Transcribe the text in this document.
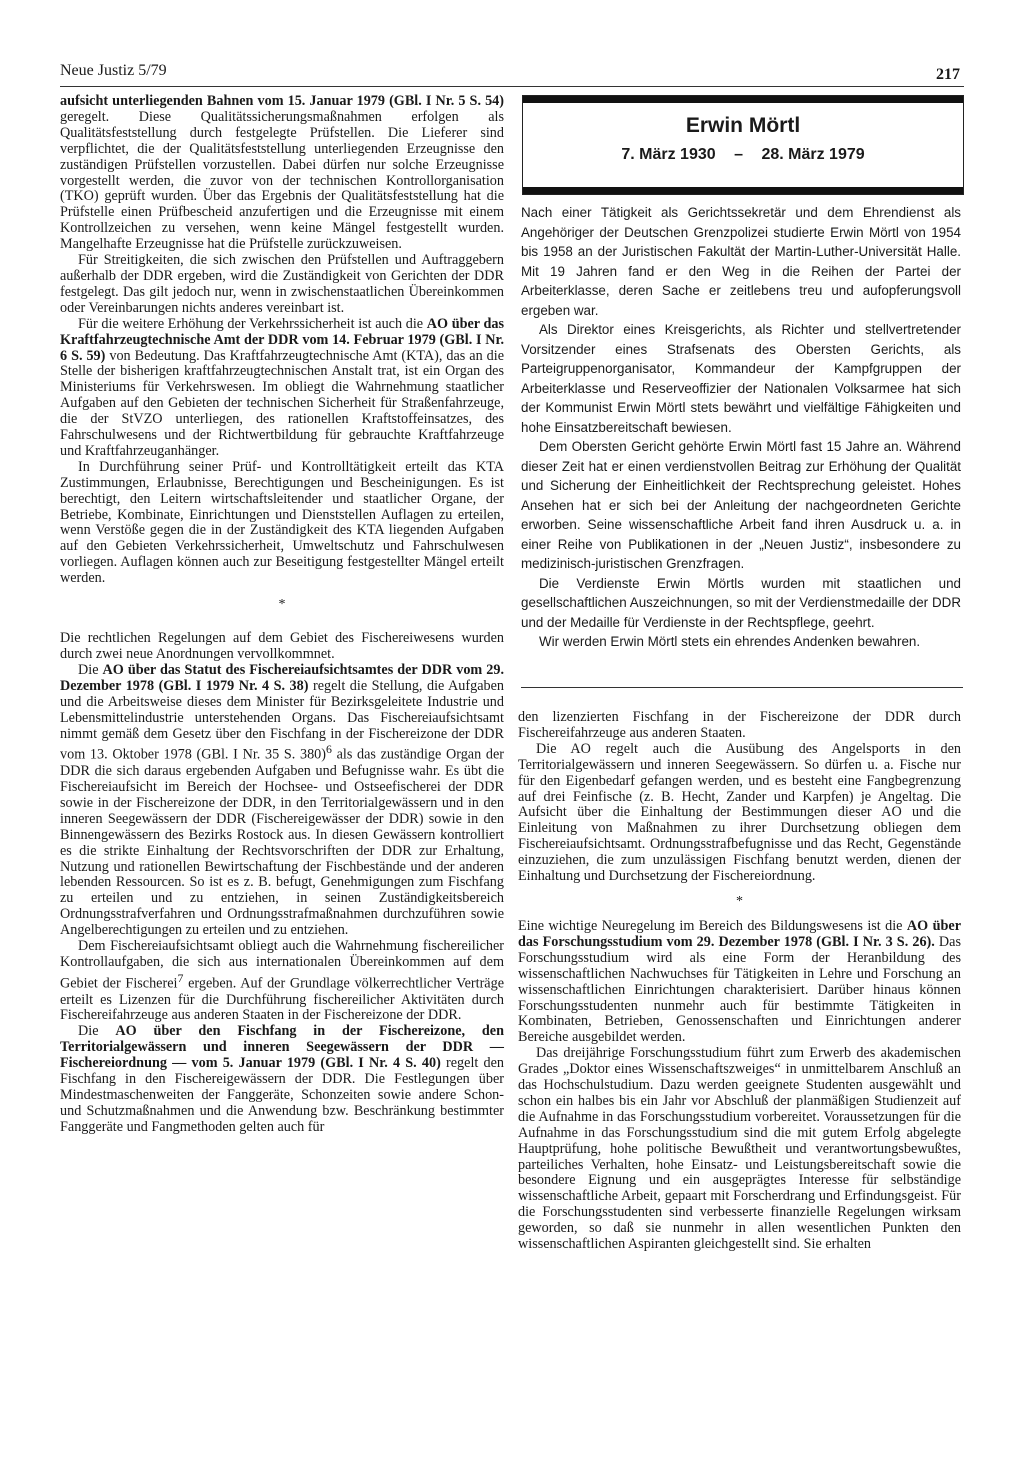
Neue Justiz 5/79	217

aufsicht unterliegenden Bahnen vom 15. Januar 1979 (GBl. I Nr. 5 S. 54) geregelt. Diese Qualitätssicherungsmaßnahmen erfolgen als Qualitätsfeststellung durch festgelegte Prüfstellen. Die Lieferer sind verpflichtet, die der Qualitätsfeststellung unterliegenden Erzeugnisse den zuständigen Prüfstellen vorzustellen. Dabei dürfen nur solche Erzeugnisse vorgestellt werden, die zuvor von der technischen Kontrollorganisation (TKO) geprüft wurden. Über das Ergebnis der Qualitätsfeststellung hat die Prüfstelle einen Prüfbescheid anzufertigen und die Erzeugnisse mit einem Kontrollzeichen zu versehen, wenn keine Mängel festgestellt wurden. Mangelhafte Erzeugnisse hat die Prüfstelle zurückzuweisen.

Für Streitigkeiten, die sich zwischen den Prüfstellen und Auftraggebern außerhalb der DDR ergeben, wird die Zuständigkeit von Gerichten der DDR festgelegt. Das gilt jedoch nur, wenn in zwischenstaatlichen Übereinkommen oder Vereinbarungen nichts anderes vereinbart ist.

Für die weitere Erhöhung der Verkehrssicherheit ist auch die AO über das Kraftfahrzeugtechnische Amt der DDR vom 14. Februar 1979 (GBl. I Nr. 6 S. 59) von Bedeutung. Das Kraftfahrzeugtechnische Amt (KTA), das an die Stelle der bisherigen kraftfahrzeugtechnischen Anstalt trat, ist ein Organ des Ministeriums für Verkehrswesen. Im obliegt die Wahrnehmung staatlicher Aufgaben auf den Gebieten der technischen Sicherheit für Straßenfahrzeuge, die der StVZO unterliegen, des rationellen Kraftstoffeinsatzes, des Fahrschulwesens und der Richtwertbildung für gebrauchte Kraftfahrzeuge und Kraftfahrzeuganhänger.

In Durchführung seiner Prüf- und Kontrolltätigkeit erteilt das KTA Zustimmungen, Erlaubnisse, Berechtigungen und Bescheinigungen. Es ist berechtigt, den Leitern wirtschaftsleitender und staatlicher Organe, der Betriebe, Kombinate, Einrichtungen und Dienststellen Auflagen zu erteilen, wenn Verstöße gegen die in der Zuständigkeit des KTA liegenden Aufgaben auf den Gebieten Verkehrssicherheit, Umweltschutz und Fahrschulwesen vorliegen. Auflagen können auch zur Beseitigung festgestellter Mängel erteilt werden.

*

Die rechtlichen Regelungen auf dem Gebiet des Fischereiwesens wurden durch zwei neue Anordnungen vervollkommnet.

Die AO über das Statut des Fischereiaufsichtsamtes der DDR vom 29. Dezember 1978 (GBl. I 1979 Nr. 4 S. 38) regelt die Stellung, die Aufgaben und die Arbeitsweise dieses dem Minister für Bezirksgeleitete Industrie und Lebensmittelindustrie unterstehenden Organs. Das Fischereiaufsichtsamt nimmt gemäß dem Gesetz über den Fischfang in der Fischereizone der DDR vom 13. Oktober 1978 (GBl. I Nr. 35 S. 380)$^6$ als das zuständige Organ der DDR die sich daraus ergebenden Aufgaben und Befugnisse wahr. Es übt die Fischereiaufsicht im Bereich der Hochsee- und Ostseefischerei der DDR sowie in der Fischereizone der DDR, in den Territorialgewässern und in den inneren Seegewässern der DDR (Fischereigewässer der DDR) sowie in den Binnengewässern des Bezirks Rostock aus. In diesen Gewässern kontrolliert es die strikte Einhaltung der Rechtsvorschriften der DDR zur Erhaltung, Nutzung und rationellen Bewirtschaftung der Fischbestände und der anderen lebenden Ressourcen. So ist es z. B. befugt, Genehmigungen zum Fischfang zu erteilen und zu entziehen, in seinen Zuständigkeitsbereich Ordnungsstrafverfahren und Ordnungsstrafmaßnahmen durchzuführen sowie Angelberechtigungen zu erteilen und zu entziehen.

Dem Fischereiaufsichtsamt obliegt auch die Wahrnehmung fischereilicher Kontrollaufgaben, die sich aus internationalen Übereinkommen auf dem Gebiet der Fischerei$^7$ ergeben. Auf der Grundlage völkerrechtlicher Verträge erteilt es Lizenzen für die Durchführung fischereilicher Aktivitäten durch Fischereifahrzeuge aus anderen Staaten in der Fischereizone der DDR.

Die AO über den Fischfang in der Fischereizone, den Territorialgewässern und inneren Seegewässern der DDR — Fischereiordnung — vom 5. Januar 1979 (GBl. I Nr. 4 S. 40) regelt den Fischfang in den Fischereigewässern der DDR. Die Festlegungen über Mindestmaschenweiten der Fanggeräte, Schonzeiten sowie andere Schon- und Schutzmaßnahmen und die Anwendung bzw. Beschränkung bestimmter Fanggeräte und Fangmethoden gelten auch für

Erwin Mörtl
7. März 1930 – 28. März 1979

Nach einer Tätigkeit als Gerichtssekretär und dem Ehrendienst als Angehöriger der Deutschen Grenzpolizei studierte Erwin Mörtl von 1954 bis 1958 an der Juristischen Fakultät der Martin-Luther-Universität Halle. Mit 19 Jahren fand er den Weg in die Reihen der Partei der Arbeiterklasse, deren Sache er zeitlebens treu und aufopferungsvoll ergeben war.

Als Direktor eines Kreisgerichts, als Richter und stellvertretender Vorsitzender eines Strafsenats des Obersten Gerichts, als Parteigruppenorganisator, Kommandeur der Kampfgruppen der Arbeiterklasse und Reserveoffizier der Nationalen Volksarmee hat sich der Kommunist Erwin Mörtl stets bewährt und vielfältige Fähigkeiten und hohe Einsatzbereitschaft bewiesen.

Dem Obersten Gericht gehörte Erwin Mörtl fast 15 Jahre an. Während dieser Zeit hat er einen verdienstvollen Beitrag zur Erhöhung der Qualität und Sicherung der Einheitlichkeit der Rechtsprechung geleistet. Hohes Ansehen hat er sich bei der Anleitung der nachgeordneten Gerichte erworben. Seine wissenschaftliche Arbeit fand ihren Ausdruck u. a. in einer Reihe von Publikationen in der „Neuen Justiz“, insbesondere zu medizinisch-juristischen Grenzfragen.

Die Verdienste Erwin Mörtls wurden mit staatlichen und gesellschaftlichen Auszeichnungen, so mit der Verdienstmedaille der DDR und der Medaille für Verdienste in der Rechtspflege, geehrt.

Wir werden Erwin Mörtl stets ein ehrendes Andenken bewahren.

den lizenzierten Fischfang in der Fischereizone der DDR durch Fischereifahrzeuge aus anderen Staaten.

Die AO regelt auch die Ausübung des Angelsports in den Territorialgewässern und inneren Seegewässern. So dürfen u. a. Fische nur für den Eigenbedarf gefangen werden, und es besteht eine Fangbegrenzung auf drei Feinfische (z. B. Hecht, Zander und Karpfen) je Angeltag. Die Aufsicht über die Einhaltung der Bestimmungen dieser AO und die Einleitung von Maßnahmen zu ihrer Durchsetzung obliegen dem Fischereiaufsichtsamt. Ordnungsstrafbefugnisse und das Recht, Gegenstände einzuziehen, die zum unzulässigen Fischfang benutzt werden, dienen der Einhaltung und Durchsetzung der Fischereiordnung.

*

Eine wichtige Neuregelung im Bereich des Bildungswesens ist die AO über das Forschungsstudium vom 29. Dezember 1978 (GBl. I Nr. 3 S. 26). Das Forschungsstudium wird als eine Form der Heranbildung des wissenschaftlichen Nachwuchses für Tätigkeiten in Lehre und Forschung an wissenschaftlichen Einrichtungen charakterisiert. Darüber hinaus können Forschungsstudenten nunmehr auch für bestimmte Tätigkeiten in Kombinaten, Betrieben, Genossenschaften und Einrichtungen anderer Bereiche ausgebildet werden.

Das dreijährige Forschungsstudium führt zum Erwerb des akademischen Grades „Doktor eines Wissenschaftszweiges“ in unmittelbarem Anschluß an das Hochschulstudium. Dazu werden geeignete Studenten ausgewählt und schon ein halbes bis ein Jahr vor Abschluß der planmäßigen Studienzeit auf die Aufnahme in das Forschungsstudium vorbereitet. Voraussetzungen für die Aufnahme in das Forschungsstudium sind die mit gutem Erfolg abgelegte Hauptprüfung, hohe politische Bewußtheit und verantwortungsbewußtes, parteiliches Verhalten, hohe Einsatz- und Leistungsbereitschaft sowie die besondere Eignung und ein ausgeprägtes Interesse für selbständige wissenschaftliche Arbeit, gepaart mit Forscherdrang und Erfindungsgeist. Für die Forschungsstudenten sind verbesserte finanzielle Regelungen wirksam geworden, so daß sie nunmehr in allen wesentlichen Punkten den wissenschaftlichen Aspiranten gleichgestellt sind. Sie erhalten
